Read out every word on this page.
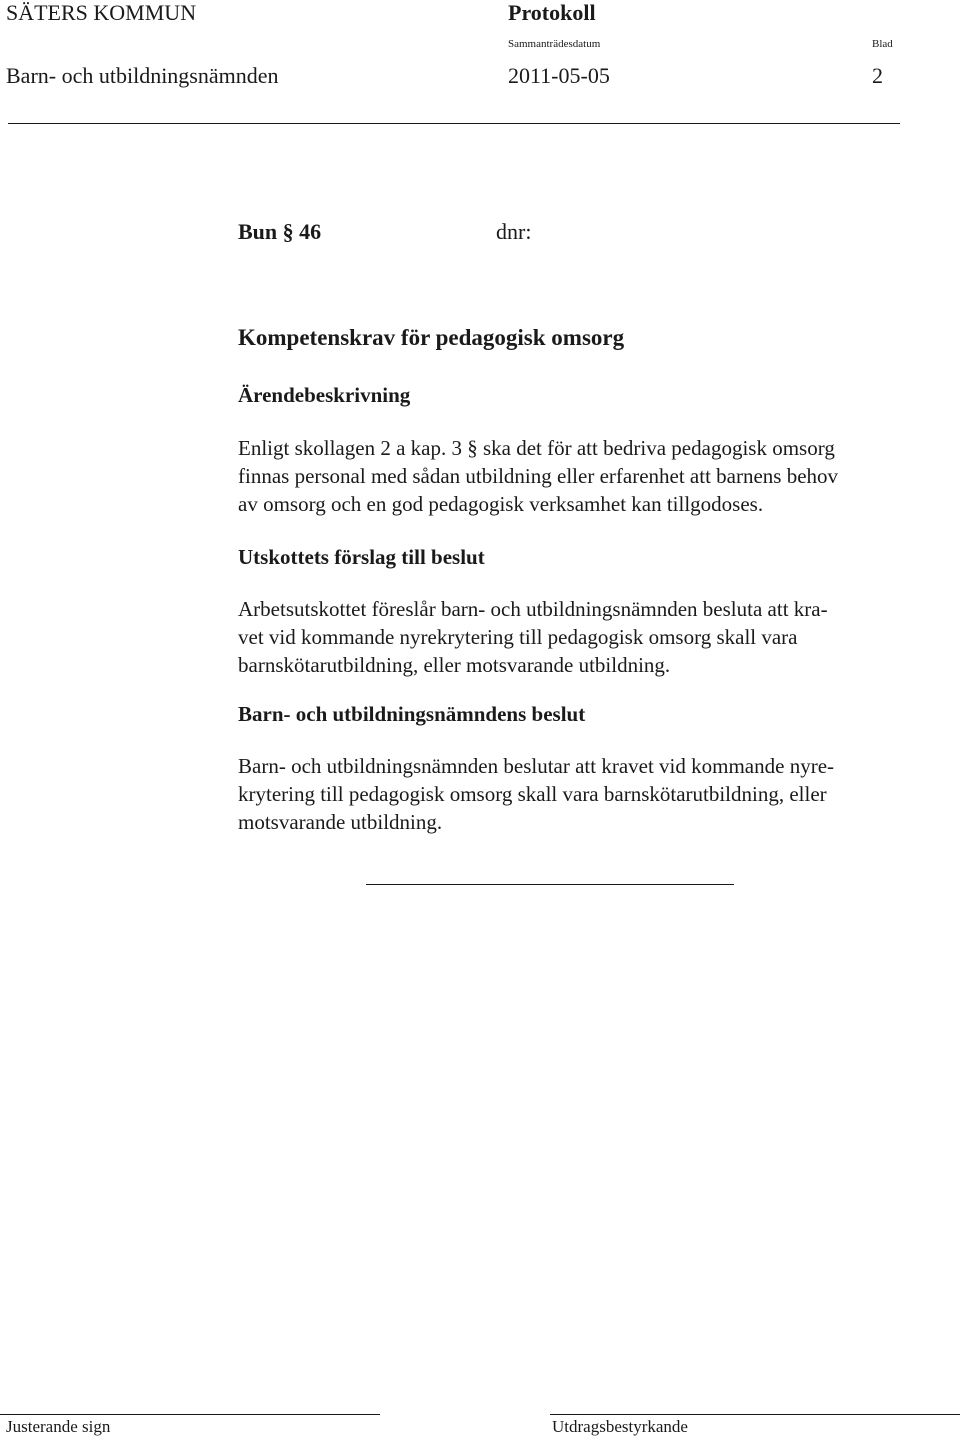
SÄTERS KOMMUN	Protokoll
Sammanträdesdatum	Blad
Barn- och utbildningsnämnden	2011-05-05	2
Bun § 46	dnr:
Kompetenskrav för pedagogisk omsorg
Ärendebeskrivning
Enligt skollagen 2 a kap. 3 § ska det för att bedriva pedagogisk omsorg
finnas personal med sådan utbildning eller erfarenhet att barnens behov
av omsorg och en god pedagogisk verksamhet kan tillgodoses.
Utskottets förslag till beslut
Arbetsutskottet föreslår barn- och utbildningsnämnden besluta att kra-
vet vid kommande nyrekrytering till pedagogisk omsorg skall vara
barnskötarutbildning, eller motsvarande utbildning.
Barn- och utbildningsnämndens beslut
Barn- och utbildningsnämnden beslutar att kravet vid kommande nyre-
krytering till pedagogisk omsorg skall vara barnskötarutbildning, eller
motsvarande utbildning.
Justerande sign	Utdragsbestyrkande
